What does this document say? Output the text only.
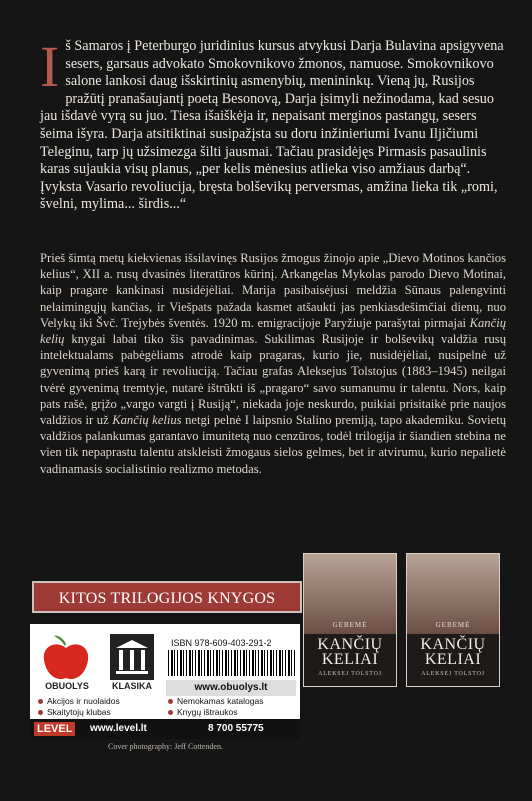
Iš Samaros į Peterburgo juridinius kursus atvykusi Darja Bulavina apsigyvena sesers, garsaus advokato Smokovnikovo žmonos, namuose. Smokovnikovo salone lankosi daug išskirtinių asmenybių, menininkų. Vieną jų, Rusijos pražūtį pranašaujantį poetą Besonovą, Darja įsimyli nežinodama, kad sesuo jau išdavė vyrą su juo. Tiesa išaiškėja ir, nepaisant merginos pastangų, sesers šeima išyra. Darja atsitiktinai susipažįsta su doru inžinieriumi Ivanu Iljičiumi Teleginu, tarp jų užsimezga šilti jausmai. Tačiau prasidėjęs Pirmasis pasaulinis karas sujaukia visų planus, „per kelis mėnesius atlieka viso amžiaus darbą“. Įvyksta Vasario revoliucija, bręsta bolševikų perversmas, amžina lieka tik „romi, švelni, mylima... širdis...“
Prieš šimtą metų kiekvienas išsilavinęs Rusijos žmogus žinojo apie „Dievo Motinos kančios kelius“, XII a. rusų dvasinės literatūros kūrinį. Arkangelas Mykolas parodo Dievo Motinai, kaip pragare kankinasi nusidėjėliai. Marija pasibaisėjusi meldžia Sūnaus palengvinti nelaimingųjų kančias, ir Viešpats pažada kasmet atšaukti jas penkiasdešimčiai dienų, nuo Velykų iki Švč. Trejybės šventės. 1920 m. emigracijoje Paryžiuje parašytai pirmajai Kančių kelių knygai labai tiko šis pavadinimas. Sukilimas Rusijoje ir bolševikų valdžia rusų intelektualams pabėgėliams atrodė kaip pragaras, kurio jie, nusidėjėliai, nusipelnė už gyvenimą prieš karą ir revoliuciją. Tačiau grafas Aleksejus Tolstojus (1883–1945) neilgai tvėrė gyvenimą tremtyje, nutarė ištrūkti iš „pragaro“ savo sumanumu ir talentu. Nors, kaip pats rašė, grįžo „vargo vargti į Rusiją“, niekada joje neskurdo, puikiai prisitaikė prie naujos valdžios ir už Kančių kelius netgi pelnė I laipsnio Stalino premiją, tapo akademiku. Sovietų valdžios palankumas garantavo imunitetą nuo cenzūros, todėl trilogija ir šiandien stebina ne vien tik nepaprastu talentu atskleisti žmogaus sielos gelmes, bet ir atvirumu, kurio nepalietė vadinamasis socialistinio realizmo metodas.
KITOS TRILOGIJOS KNYGOS
GEBEMĖ
KANČIŲ
KELIAI
ALEKSEJ TOLSTOJ
GEBEMĖ
KANČIŲ
KELIAI
ALEKSEJ TOLSTOJ
OBUOLYS	KLASIKA
ISBN 978-609-403-291-2
www.obuolys.lt
Akcijos ir nuolaidos
Skaitytojų klubas
Nemokamas katalogas
Knygų ištraukos
LEVEL	www.level.lt	8 700 55775
Cover photography: Jeff Cottenden.
